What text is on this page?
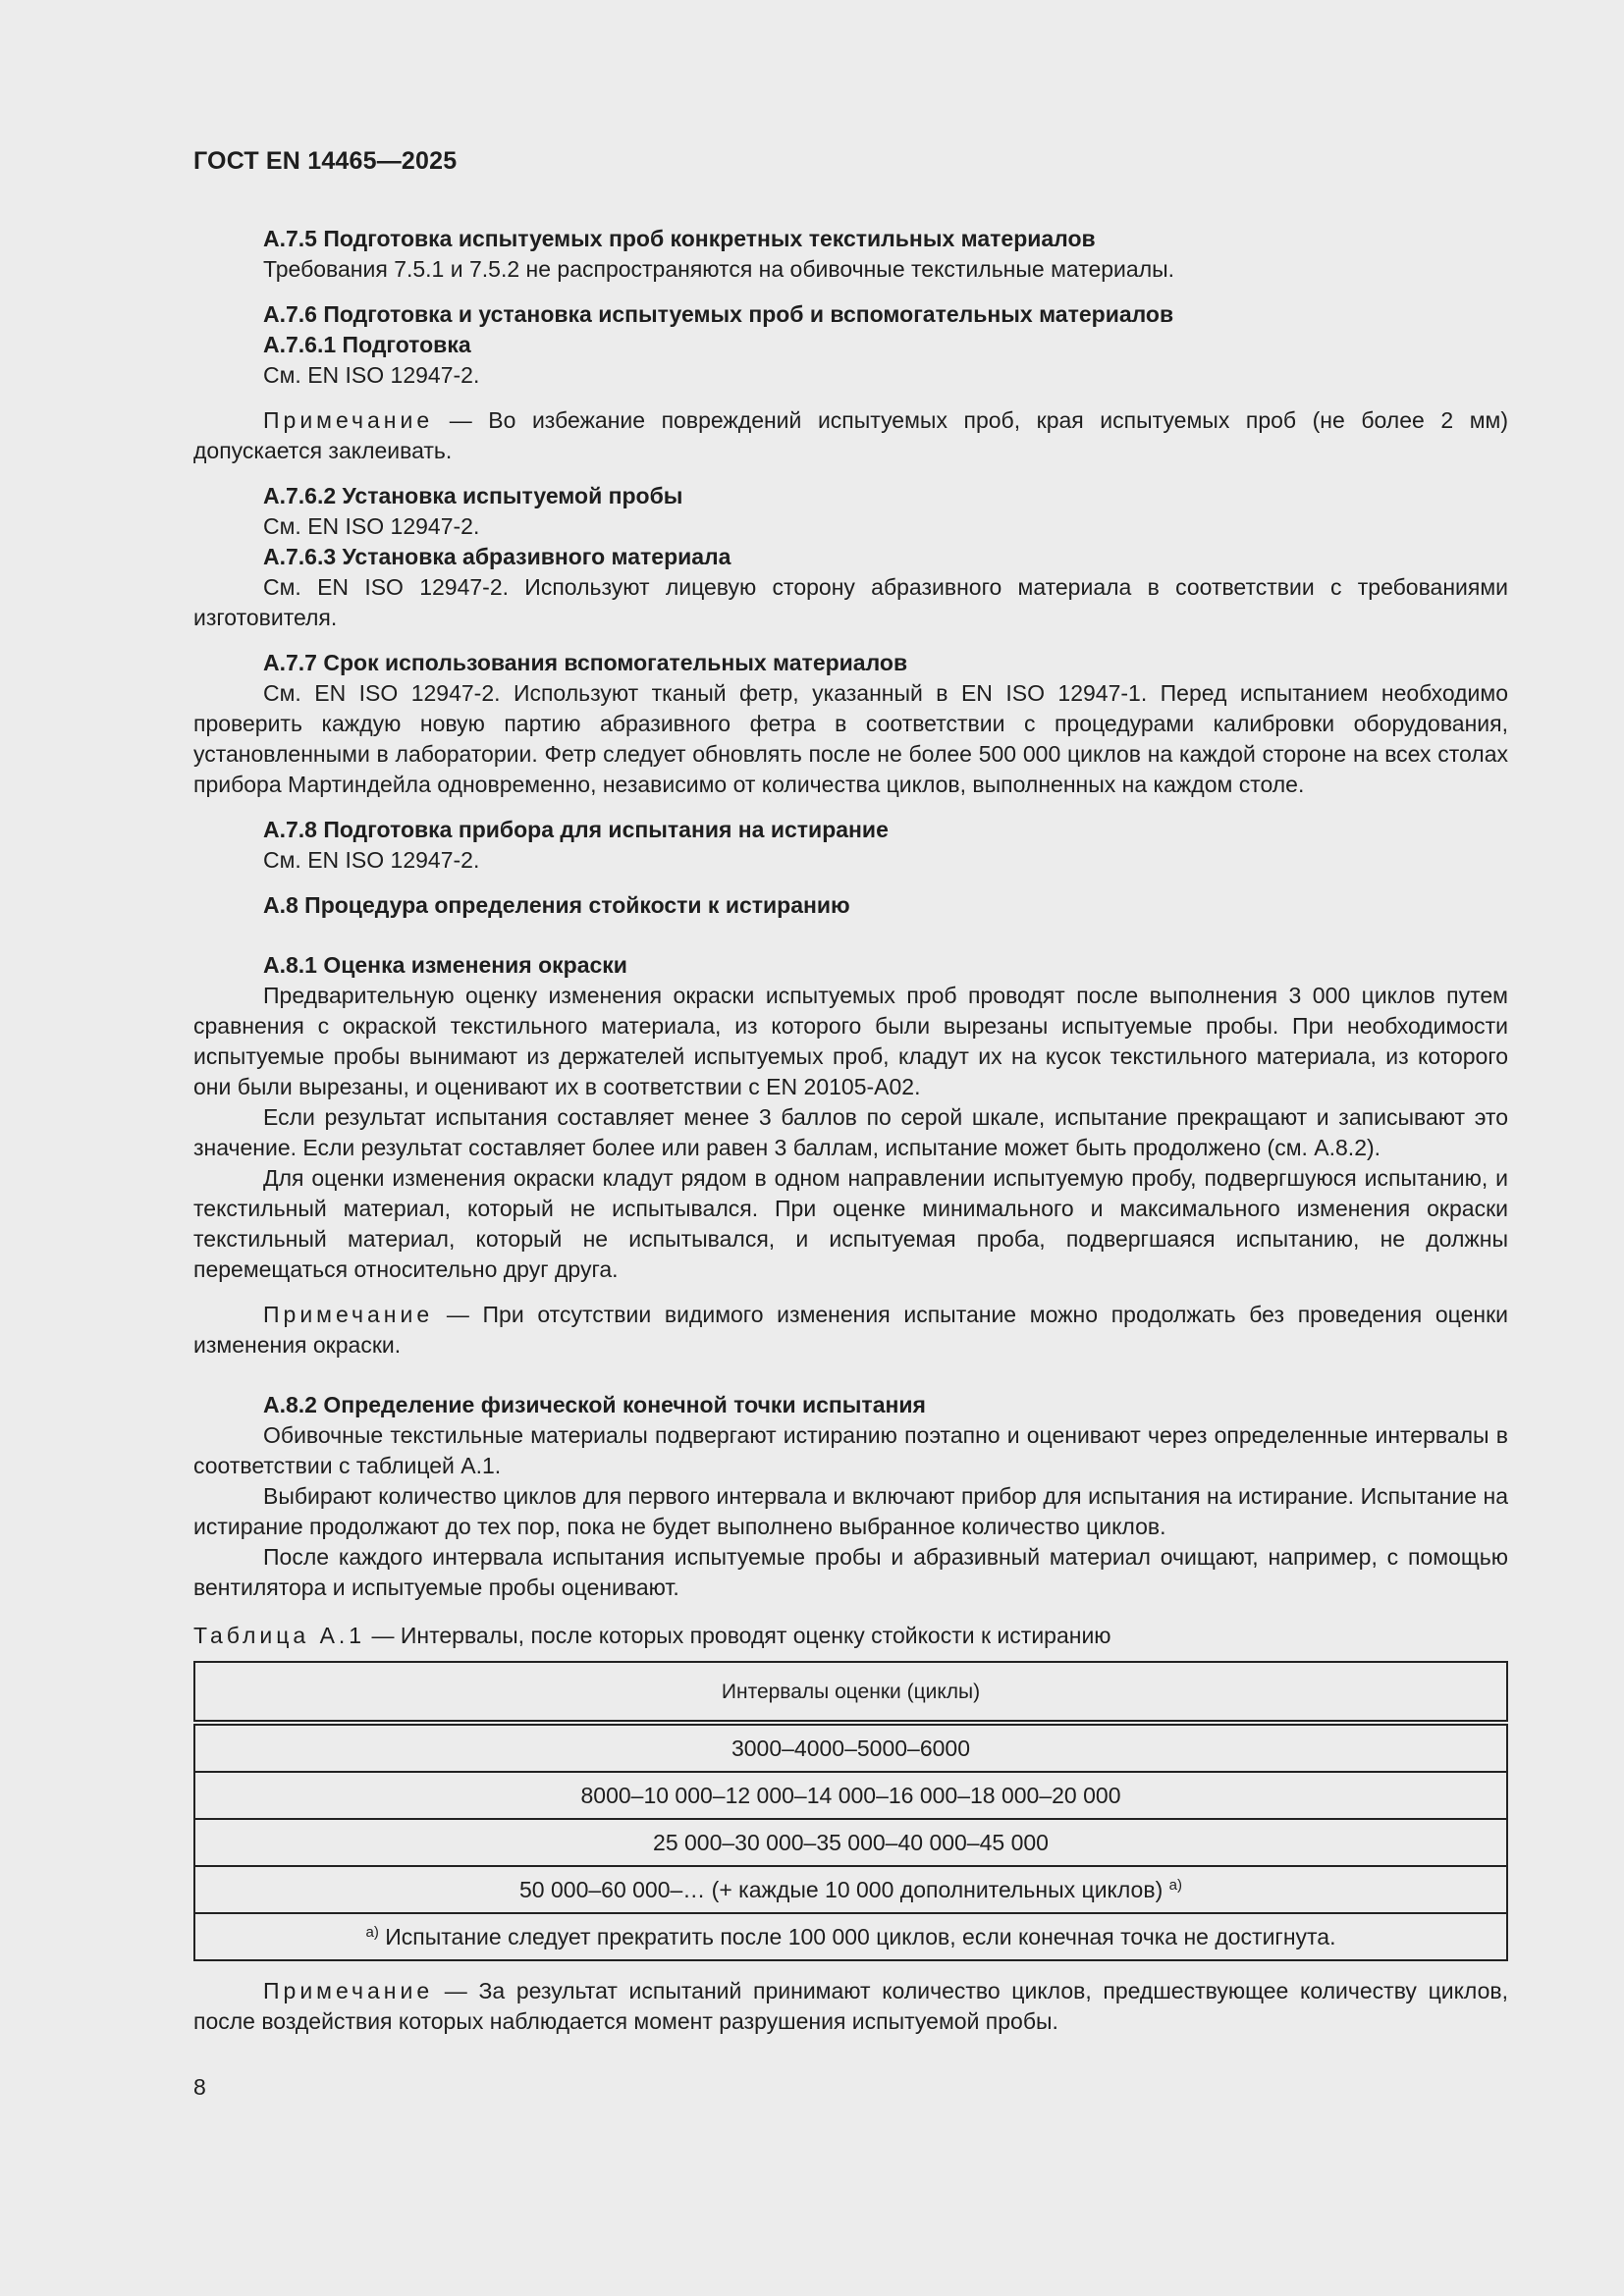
ГОСТ EN 14465—2025

А.7.5 Подготовка испытуемых проб конкретных текстильных материалов

Требования 7.5.1 и 7.5.2 не распространяются на обивочные текстильные материалы.

А.7.6 Подготовка и установка испытуемых проб и вспомогательных материалов

А.7.6.1 Подготовка

См. EN ISO 12947-2.

Примечание — Во избежание повреждений испытуемых проб, края испытуемых проб (не более 2 мм) допускается заклеивать.

А.7.6.2 Установка испытуемой пробы

См. EN ISO 12947-2.

А.7.6.3 Установка абразивного материала

См. EN ISO 12947-2. Используют лицевую сторону абразивного материала в соответствии с требованиями изготовителя.

А.7.7 Срок использования вспомогательных материалов

См. EN ISO 12947-2. Используют тканый фетр, указанный в EN ISO 12947-1. Перед испытанием необходимо проверить каждую новую партию абразивного фетра в соответствии с процедурами калибровки оборудования, установленными в лаборатории. Фетр следует обновлять после не более 500 000 циклов на каждой стороне на всех столах прибора Мартиндейла одновременно, независимо от количества циклов, выполненных на каждом столе.

А.7.8 Подготовка прибора для испытания на истирание

См. EN ISO 12947-2.

А.8 Процедура определения стойкости к истиранию

А.8.1 Оценка изменения окраски

Предварительную оценку изменения окраски испытуемых проб проводят после выполнения 3 000 циклов путем сравнения с окраской текстильного материала, из которого были вырезаны испытуемые пробы. При необходимости испытуемые пробы вынимают из держателей испытуемых проб, кладут их на кусок текстильного материала, из которого они были вырезаны, и оценивают их в соответствии с EN 20105-A02.

Если результат испытания составляет менее 3 баллов по серой шкале, испытание прекращают и записывают это значение. Если результат составляет более или равен 3 баллам, испытание может быть продолжено (см. А.8.2).

Для оценки изменения окраски кладут рядом в одном направлении испытуемую пробу, подвергшуюся испытанию, и текстильный материал, который не испытывался. При оценке минимального и максимального изменения окраски текстильный материал, который не испытывался, и испытуемая проба, подвергшаяся испытанию, не должны перемещаться относительно друг друга.

Примечание — При отсутствии видимого изменения испытание можно продолжать без проведения оценки изменения окраски.

А.8.2 Определение физической конечной точки испытания

Обивочные текстильные материалы подвергают истиранию поэтапно и оценивают через определенные интервалы в соответствии с таблицей А.1.

Выбирают количество циклов для первого интервала и включают прибор для испытания на истирание. Испытание на истирание продолжают до тех пор, пока не будет выполнено выбранное количество циклов.

После каждого интервала испытания испытуемые пробы и абразивный материал очищают, например, с помощью вентилятора и испытуемые пробы оценивают.

Таблица А.1 — Интервалы, после которых проводят оценку стойкости к истиранию

Интервалы оценки (циклы)
3000–4000–5000–6000
8000–10 000–12 000–14 000–16 000–18 000–20 000
25 000–30 000–35 000–40 000–45 000
50 000–60 000–… (+ каждые 10 000 дополнительных циклов) $^{а)}$
$^{а)}$ Испытание следует прекратить после 100 000 циклов, если конечная точка не достигнута.

Примечание — За результат испытаний принимают количество циклов, предшествующее количеству циклов, после воздействия которых наблюдается момент разрушения испытуемой пробы.

8
